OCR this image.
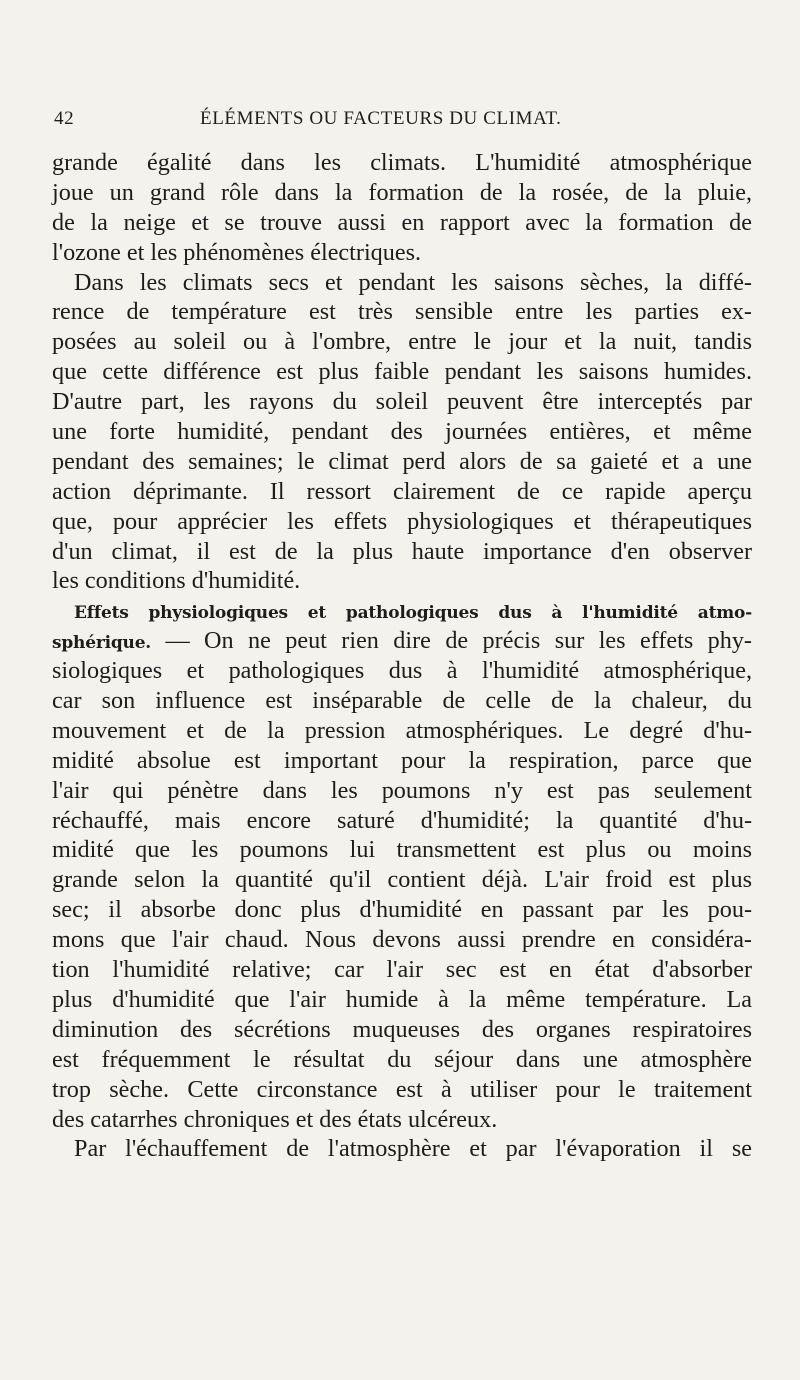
42	ÉLÉMENTS OU FACTEURS DU CLIMAT.
grande égalité dans les climats. L'humidité atmosphérique
joue un grand rôle dans la formation de la rosée, de la pluie,
de la neige et se trouve aussi en rapport avec la formation de
l'ozone et les phénomènes électriques.
Dans les climats secs et pendant les saisons sèches, la diffé-
rence de température est très sensible entre les parties ex-
posées au soleil ou à l'ombre, entre le jour et la nuit, tandis
que cette différence est plus faible pendant les saisons humides.
D'autre part, les rayons du soleil peuvent être interceptés par
une forte humidité, pendant des journées entières, et même
pendant des semaines; le climat perd alors de sa gaieté et a une
action déprimante. Il ressort clairement de ce rapide aperçu
que, pour apprécier les effets physiologiques et thérapeutiques
d'un climat, il est de la plus haute importance d'en observer
les conditions d'humidité.
Effets physiologiques et pathologiques dus à l'humidité atmo-
sphérique. — On ne peut rien dire de précis sur les effets phy-
siologiques et pathologiques dus à l'humidité atmosphérique,
car son influence est inséparable de celle de la chaleur, du
mouvement et de la pression atmosphériques. Le degré d'hu-
midité absolue est important pour la respiration, parce que
l'air qui pénètre dans les poumons n'y est pas seulement
réchauffé, mais encore saturé d'humidité; la quantité d'hu-
midité que les poumons lui transmettent est plus ou moins
grande selon la quantité qu'il contient déjà. L'air froid est plus
sec; il absorbe donc plus d'humidité en passant par les pou-
mons que l'air chaud. Nous devons aussi prendre en considéra-
tion l'humidité relative; car l'air sec est en état d'absorber
plus d'humidité que l'air humide à la même température. La
diminution des sécrétions muqueuses des organes respiratoires
est fréquemment le résultat du séjour dans une atmosphère
trop sèche. Cette circonstance est à utiliser pour le traitement
des catarrhes chroniques et des états ulcéreux.
Par l'échauffement de l'atmosphère et par l'évaporation il se
